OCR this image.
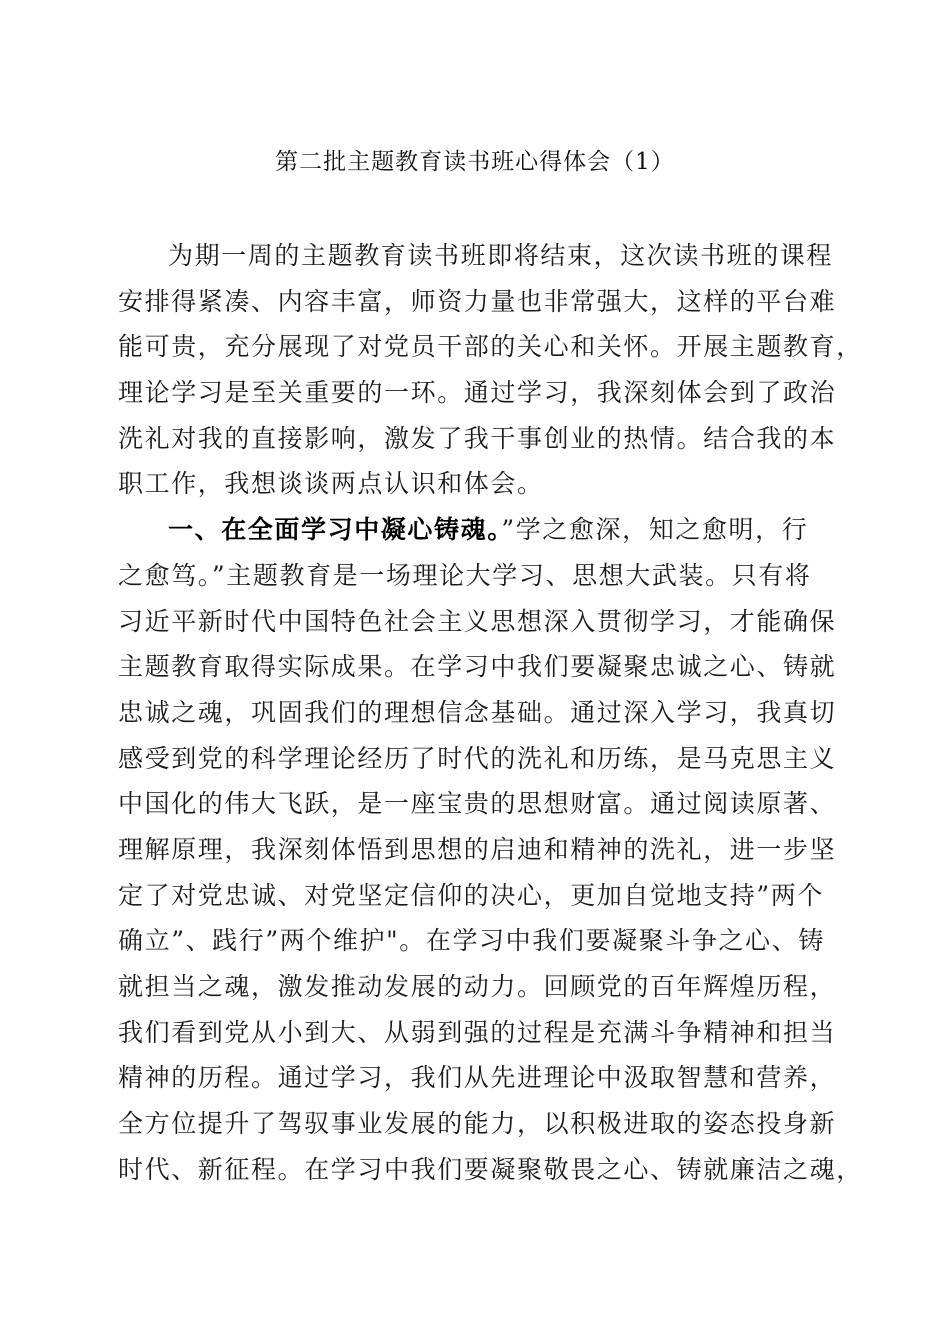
第二批主题教育读书班心得体会（1）
为期一周的主题教育读书班即将结束，这次读书班的课程
安排得紧凑、内容丰富，师资力量也非常强大，这样的平台难
能可贵，充分展现了对党员干部的关心和关怀。开展主题教育，
理论学习是至关重要的一环。通过学习，我深刻体会到了政治
洗礼对我的直接影响，激发了我干事创业的热情。结合我的本
职工作，我想谈谈两点认识和体会。
一、在全面学习中凝心铸魂。”学之愈深，知之愈明，行
之愈笃。”主题教育是一场理论大学习、思想大武装。只有将
习近平新时代中国特色社会主义思想深入贯彻学习，才能确保
主题教育取得实际成果。在学习中我们要凝聚忠诚之心、铸就
忠诚之魂，巩固我们的理想信念基础。通过深入学习，我真切
感受到党的科学理论经历了时代的洗礼和历练，是马克思主义
中国化的伟大飞跃，是一座宝贵的思想财富。通过阅读原著、
理解原理，我深刻体悟到思想的启迪和精神的洗礼，进一步坚
定了对党忠诚、对党坚定信仰的决心，更加自觉地支持”两个
确立”、践行”两个维护"。在学习中我们要凝聚斗争之心、铸
就担当之魂，激发推动发展的动力。回顾党的百年辉煌历程，
我们看到党从小到大、从弱到强的过程是充满斗争精神和担当
精神的历程。通过学习，我们从先进理论中汲取智慧和营养，
全方位提升了驾驭事业发展的能力，以积极进取的姿态投身新
时代、新征程。在学习中我们要凝聚敬畏之心、铸就廉洁之魂，
